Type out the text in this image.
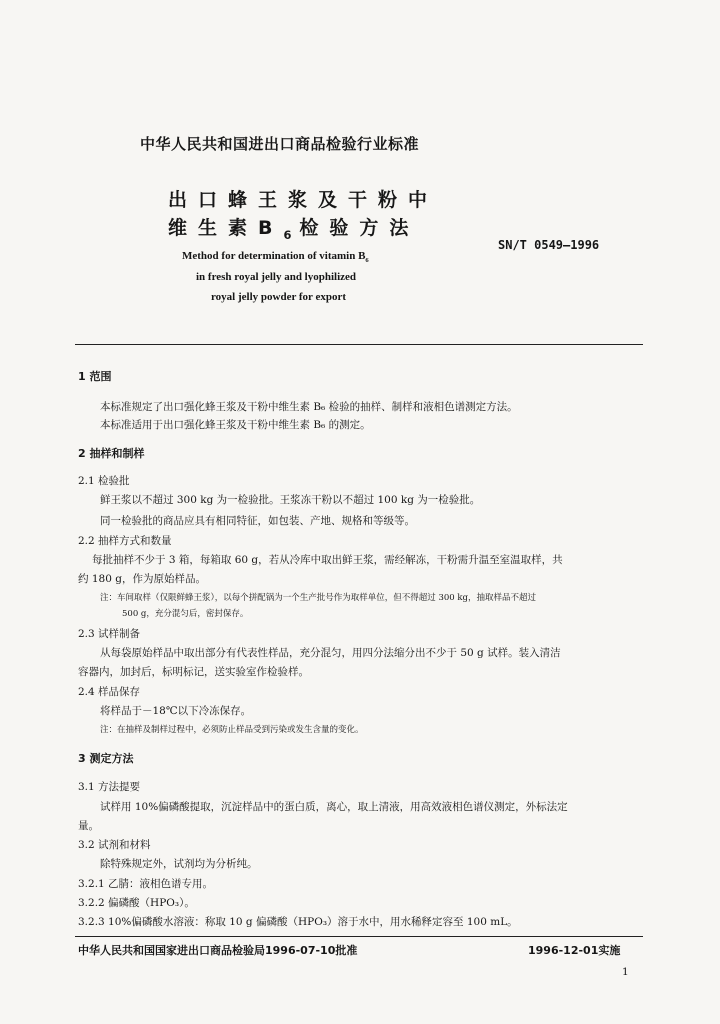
中华人民共和国进出口商品检验行业标准
出口蜂王浆及干粉中
维生素$B_6$ 检验方法
Method for determination of vitamin $B_6$
in fresh royal jelly and lyophilized
royal jelly powder for export
SN/T 0549—1996
1 范围
本标准规定了出口强化蜂王浆及干粉中维生素 B₆ 检验的抽样、制样和液相色谱测定方法。
本标准适用于出口强化蜂王浆及干粉中维生素 B₆ 的测定。
2 抽样和制样
2.1 检验批
鲜王浆以不超过 300 kg 为一检验批。王浆冻干粉以不超过 100 kg 为一检验批。
同一检验批的商品应具有相同特征，如包装、产地、规格和等级等。
2.2 抽样方式和数量
每批抽样不少于 3 箱，每箱取 60 g，若从冷库中取出鲜王浆，需经解冻，干粉需升温至室温取样，共
约 180 g，作为原始样品。
注：车间取样（仅限鲜蜂王浆），以每个拼配锅为一个生产批号作为取样单位，但不得超过 300 kg，抽取样品不超过
500 g，充分混匀后，密封保存。
2.3 试样制备
从每袋原始样品中取出部分有代表性样品，充分混匀，用四分法缩分出不少于 50 g 试样。装入清洁
容器内，加封后，标明标记，送实验室作检验样。
2.4 样品保存
将样品于－18℃以下冷冻保存。
注：在抽样及制样过程中，必须防止样品受到污染或发生含量的变化。
3 测定方法
3.1 方法提要
试样用 10%偏磷酸提取，沉淀样品中的蛋白质，离心，取上清液，用高效液相色谱仪测定，外标法定
量。
3.2 试剂和材料
除特殊规定外，试剂均为分析纯。
3.2.1 乙腈：液相色谱专用。
3.2.2 偏磷酸（HPO₃）。
3.2.3 10%偏磷酸水溶液：称取 10 g 偏磷酸（HPO₃）溶于水中，用水稀释定容至 100 mL。
中华人民共和国国家进出口商品检验局1996-07-10批准	1996-12-01实施
1
